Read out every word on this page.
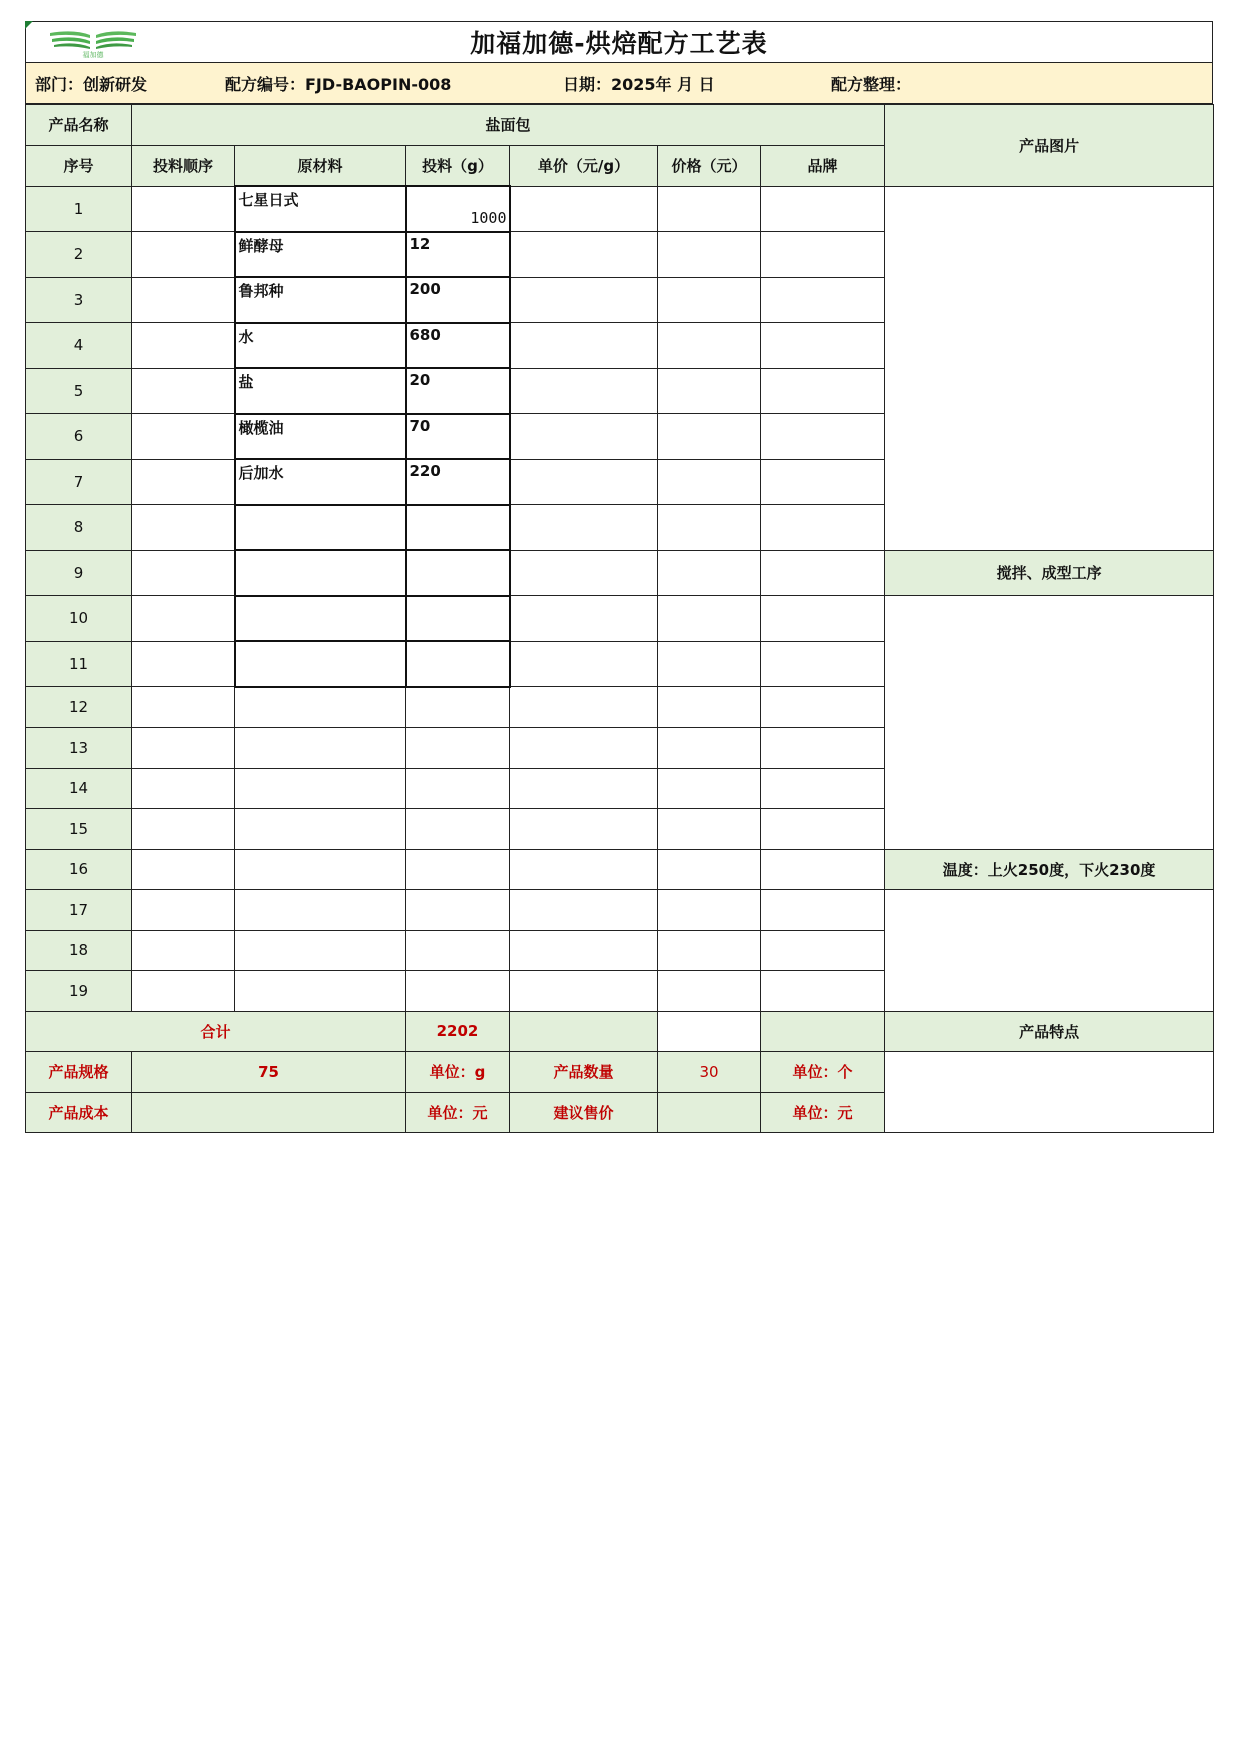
福加德	加福加德-烘焙配方工艺表
部门：创新研发	配方编号：FJD-BAOPIN-008	日期：2025年 月 日	配方整理：
产品名称	盐面包						产品图片
序号	投料顺序	原材料	投料（g）	单价（元/g）	价格（元）	品牌	
1		七星日式	1000				
2		鲜酵母	12				
3		鲁邦种	200				
4		水	680				
5		盐	20				
6		橄榄油	70				
7		后加水	220				
8							
9							搅拌、成型工序
10							
11							
12							
13							
14							
15							
16							温度：上火250度，下火230度
17							
18							
19							
合计			2202				产品特点
产品规格	75		单位：g	产品数量	30	单位：个	
产品成本			单位：元	建议售价		单位：元	
